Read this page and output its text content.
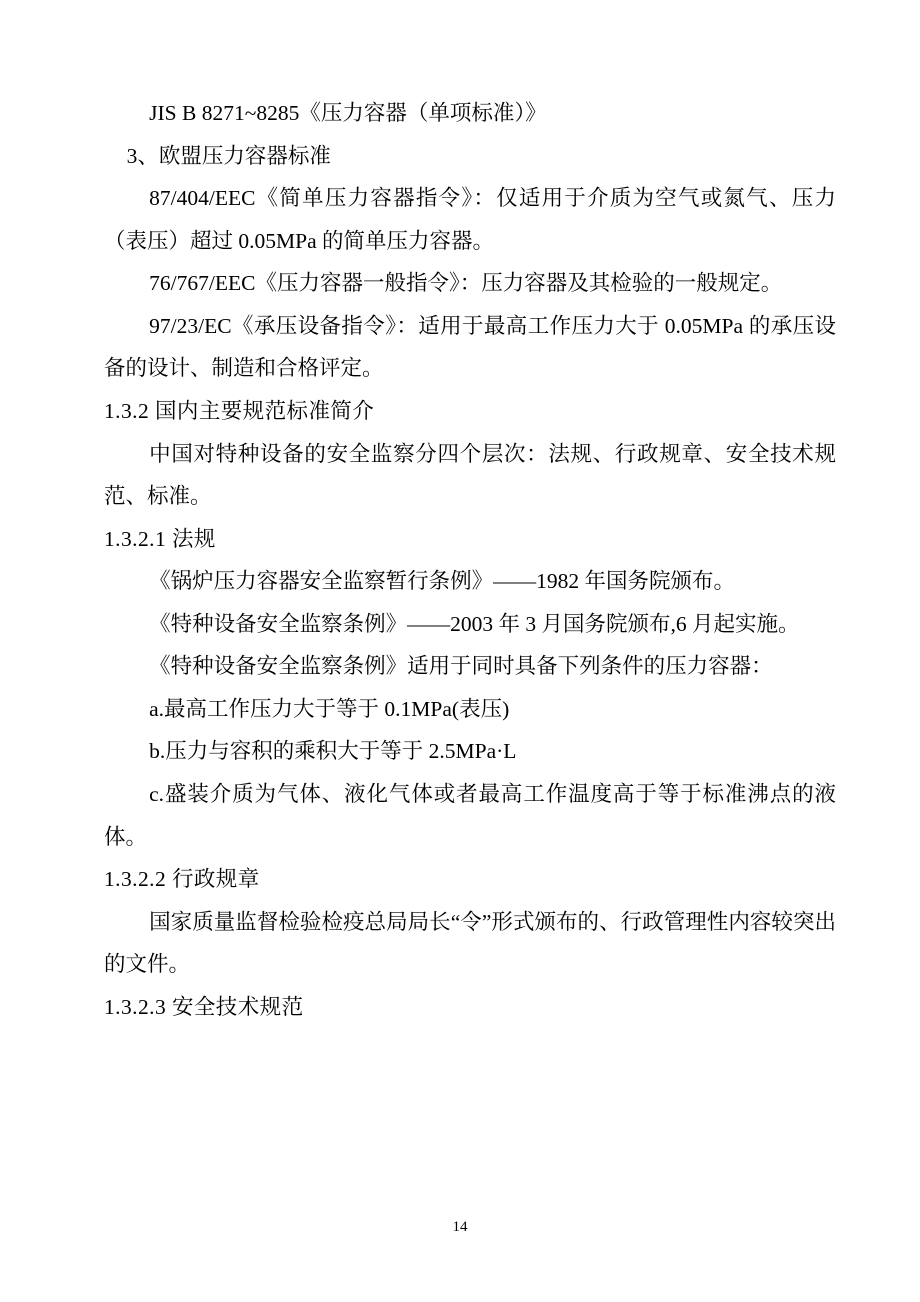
JIS B 8271~8285《压力容器（单项标准）》

3、欧盟压力容器标准

87/404/EEC《简单压力容器指令》：仅适用于介质为空气或氮气、压力（表压）超过 0.05MPa 的简单压力容器。

76/767/EEC《压力容器一般指令》：压力容器及其检验的一般规定。

97/23/EC《承压设备指令》：适用于最高工作压力大于 0.05MPa 的承压设备的设计、制造和合格评定。

1.3.2 国内主要规范标准简介

中国对特种设备的安全监察分四个层次：法规、行政规章、安全技术规范、标准。

1.3.2.1 法规

《锅炉压力容器安全监察暂行条例》——1982 年国务院颁布。

《特种设备安全监察条例》——2003 年 3 月国务院颁布,6 月起实施。

《特种设备安全监察条例》适用于同时具备下列条件的压力容器：

a.最高工作压力大于等于 0.1MPa(表压)

b.压力与容积的乘积大于等于 2.5MPa·L

c.盛装介质为气体、液化气体或者最高工作温度高于等于标准沸点的液体。

1.3.2.2 行政规章

国家质量监督检验检疫总局局长“令”形式颁布的、行政管理性内容较突出的文件。

1.3.2.3 安全技术规范

14
